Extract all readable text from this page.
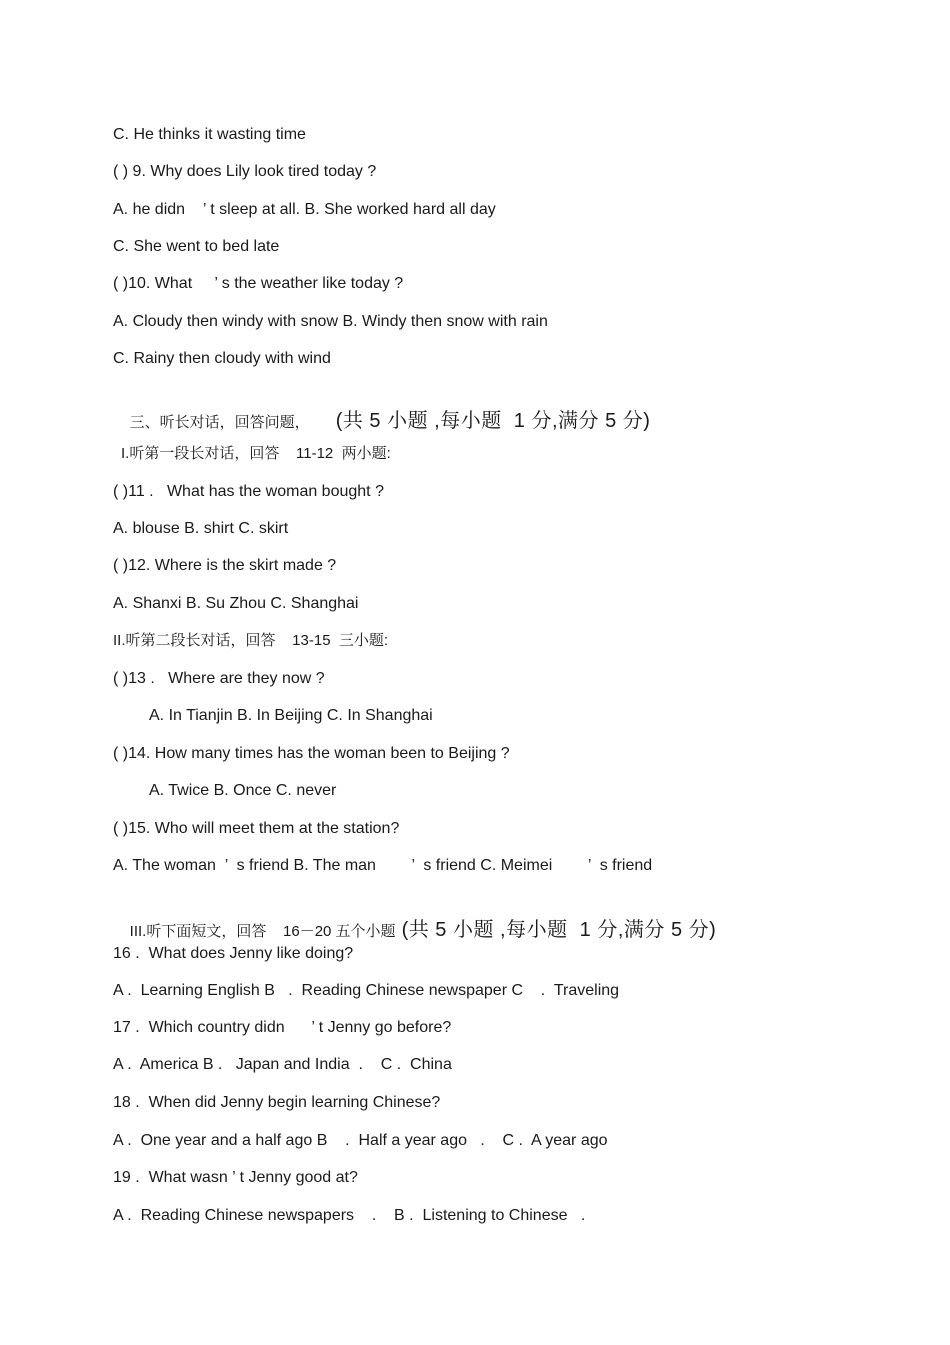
C. He thinks it wasting time
( ) 9. Why does Lily look tired today ?
A. he didn    ’ t sleep at all. B. She worked hard all day
C. She went to bed late
( )10. What     ’ s the weather like today ?
A. Cloudy then windy with snow B. Windy then snow with rain
C. Rainy then cloudy with wind

三、听长对话，回答问题， (共 5 小题 ,每小题  1 分,满分 5 分)

I.听第一段长对话，回答    11-12  两小题:
( )11 .   What has the woman bought ?
A. blouse B. shirt C. skirt
( )12. Where is the skirt made ?
A. Shanxi B. Su Zhou C. Shanghai
II.听第二段长对话，回答    13-15  三小题:
( )13 .   Where are they now ?
A. In Tianjin B. In Beijing C. In Shanghai
( )14. How many times has the woman been to Beijing ?
A. Twice B. Once C. never
( )15. Who will meet them at the station?
A. The woman  ’  s friend B. The man        ’  s friend C. Meimei        ’  s friend

III.听下面短文，回答    16－20 五个小题 (共 5 小题 ,每小题  1 分,满分 5 分)

16 .  What does Jenny like doing?
A .  Learning English B   .  Reading Chinese newspaper C    .  Traveling
17 .  Which country didn      ’ t Jenny go before?
A .  America B .   Japan and India  .    C .  China
18 .  When did Jenny begin learning Chinese?
A .  One year and a half ago B    .  Half a year ago   .    C .  A year ago
19 .  What wasn ’ t Jenny good at?
A .  Reading Chinese newspapers    .    B .  Listening to Chinese   .
